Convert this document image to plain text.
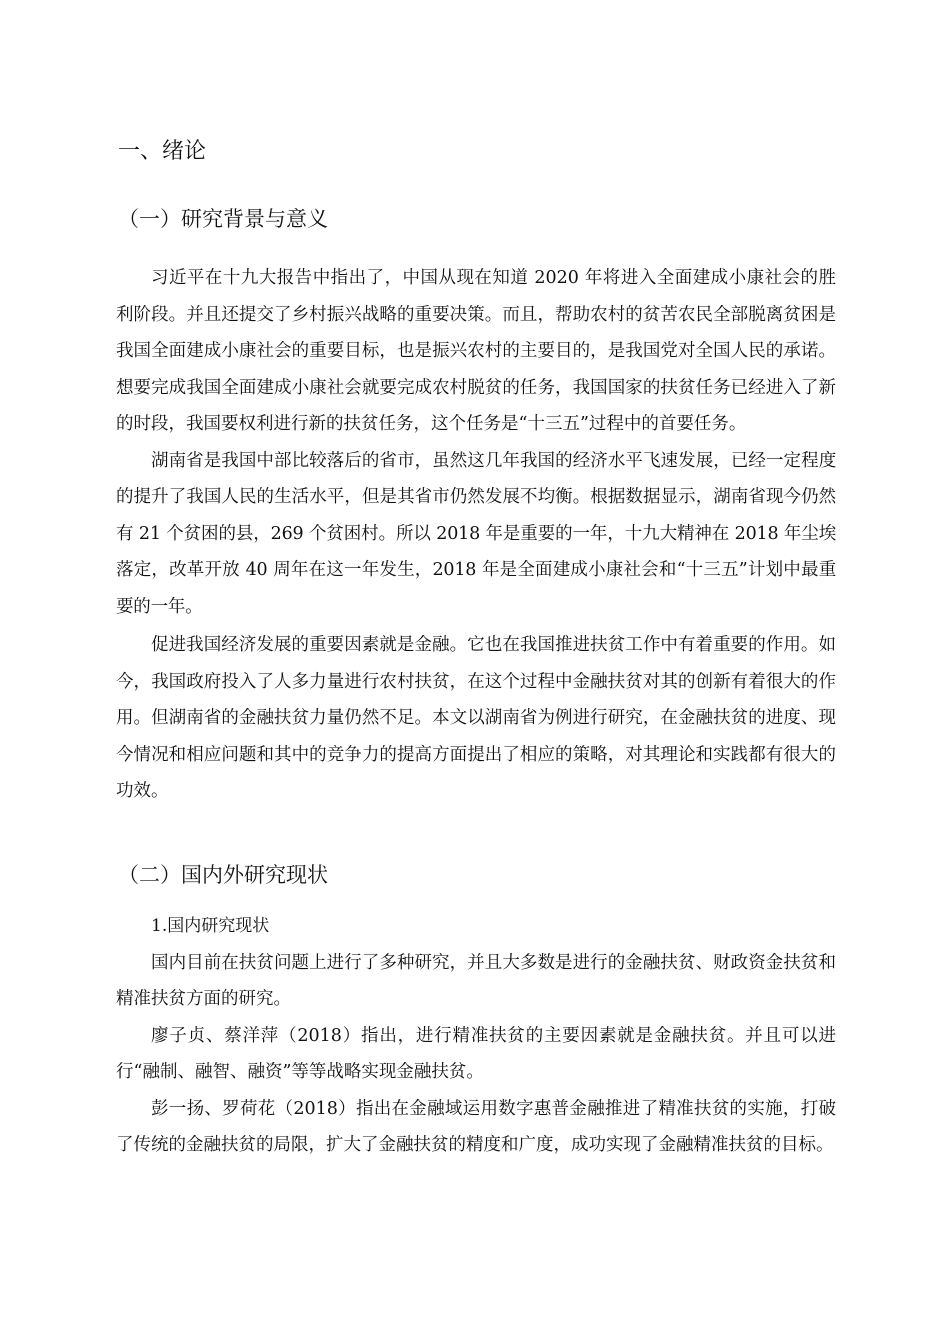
一、绪论
（一）研究背景与意义

习近平在十九大报告中指出了，中国从现在知道 2020 年将进入全面建成小康社会的胜利阶段。并且还提交了乡村振兴战略的重要决策。而且，帮助农村的贫苦农民全部脱离贫困是我国全面建成小康社会的重要目标，也是振兴农村的主要目的，是我国党对全国人民的承诺。想要完成我国全面建成小康社会就要完成农村脱贫的任务，我国国家的扶贫任务已经进入了新的时段，我国要权利进行新的扶贫任务，这个任务是“十三五”过程中的首要任务。

湖南省是我国中部比较落后的省市，虽然这几年我国的经济水平飞速发展，已经一定程度的提升了我国人民的生活水平，但是其省市仍然发展不均衡。根据数据显示，湖南省现今仍然有 21 个贫困的县，269 个贫困村。所以 2018 年是重要的一年，十九大精神在 2018 年尘埃落定，改革开放 40 周年在这一年发生，2018 年是全面建成小康社会和“十三五”计划中最重要的一年。

促进我国经济发展的重要因素就是金融。它也在我国推进扶贫工作中有着重要的作用。如今，我国政府投入了人多力量进行农村扶贫，在这个过程中金融扶贫对其的创新有着很大的作用。但湖南省的金融扶贫力量仍然不足。本文以湖南省为例进行研究，在金融扶贫的进度、现今情况和相应问题和其中的竞争力的提高方面提出了相应的策略，对其理论和实践都有很大的功效。

（二）国内外研究现状

1.国内研究现状

国内目前在扶贫问题上进行了多种研究，并且大多数是进行的金融扶贫、财政资金扶贫和精准扶贫方面的研究。

廖子贞、蔡洋萍（2018）指出，进行精准扶贫的主要因素就是金融扶贫。并且可以进行“融制、融智、融资”等等战略实现金融扶贫。

彭一扬、罗荷花（2018）指出在金融域运用数字惠普金融推进了精准扶贫的实施，打破了传统的金融扶贫的局限，扩大了金融扶贫的精度和广度，成功实现了金融精准扶贫的目标。
